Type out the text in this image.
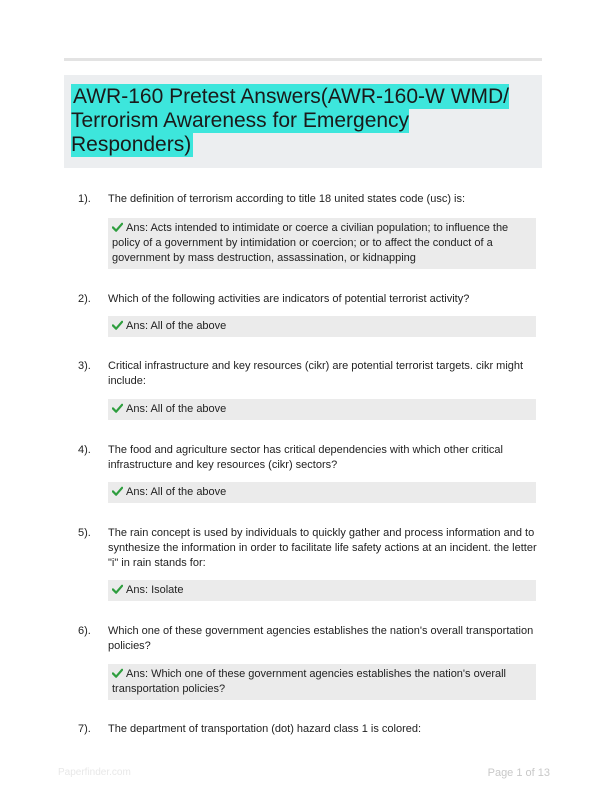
AWR-160 Pretest Answers(AWR-160-W WMD/ Terrorism Awareness for Emergency Responders)
1).	The definition of terrorism according to title 18 united states code (usc) is:
Ans: Acts intended to intimidate or coerce a civilian population; to influence the policy of a government by intimidation or coercion; or to affect the conduct of a government by mass destruction, assassination, or kidnapping
2).	Which of the following activities are indicators of potential terrorist activity?
Ans: All of the above
3).	Critical infrastructure and key resources (cikr) are potential terrorist targets. cikr might include:
Ans: All of the above
4).	The food and agriculture sector has critical dependencies with which other critical infrastructure and key resources (cikr) sectors?
Ans: All of the above
5).	The rain concept is used by individuals to quickly gather and process information and to synthesize the information in order to facilitate life safety actions at an incident. the letter "i" in rain stands for:
Ans: Isolate
6).	Which one of these government agencies establishes the nation's overall transportation policies?
Ans: Which one of these government agencies establishes the nation's overall transportation policies?
7).	The department of transportation (dot) hazard class 1 is colored:
Paperfinder.com	Page 1 of 13
